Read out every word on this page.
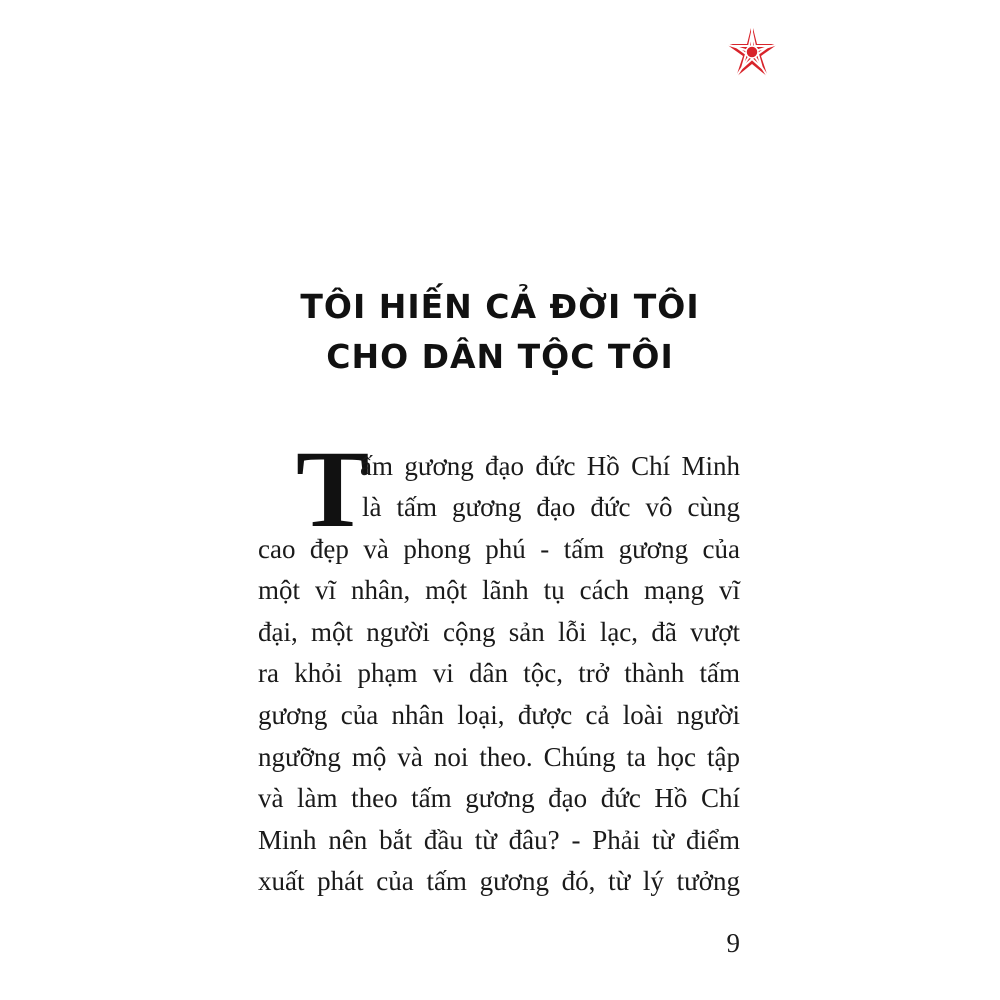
TÔI HIẾN CẢ ĐỜI TÔI
CHO DÂN TỘC TÔI
T
ấm gương đạo đức Hồ Chí Minh
là tấm gương đạo đức vô cùng
cao đẹp và phong phú - tấm gương của
một vĩ nhân, một lãnh tụ cách mạng vĩ
đại, một người cộng sản lỗi lạc, đã vượt
ra khỏi phạm vi dân tộc, trở thành tấm
gương của nhân loại, được cả loài người
ngưỡng mộ và noi theo. Chúng ta học tập
và làm theo tấm gương đạo đức Hồ Chí
Minh nên bắt đầu từ đâu? - Phải từ điểm
xuất phát của tấm gương đó, từ lý tưởng
9
